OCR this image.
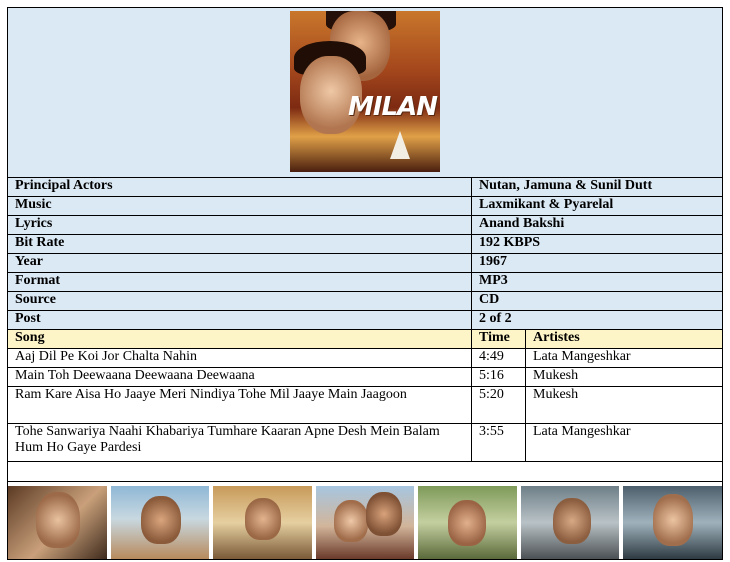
MILAN		

Principal Actors	Nutan, Jamuna & Sunil Dutt	
Music	Laxmikant & Pyarelal	
Lyrics	Anand Bakshi	
Bit Rate	192 KBPS	
Year	1967	
Format	MP3	
Source	CD	
Post	2 of 2	
Song	Time	Artistes
Aaj Dil Pe Koi Jor Chalta Nahin	4:49	Lata Mangeshkar
Main Toh Deewaana Deewaana Deewaana	5:16	Mukesh
Ram Kare Aisa Ho Jaaye Meri Nindiya Tohe Mil Jaaye Main Jaagoon	5:20	Mukesh
Tohe Sanwariya Naahi Khabariya Tumhare Kaaran Apne Desh Mein Balam Hum Ho Gaye Pardesi	3:55	Lata Mangeshkar
